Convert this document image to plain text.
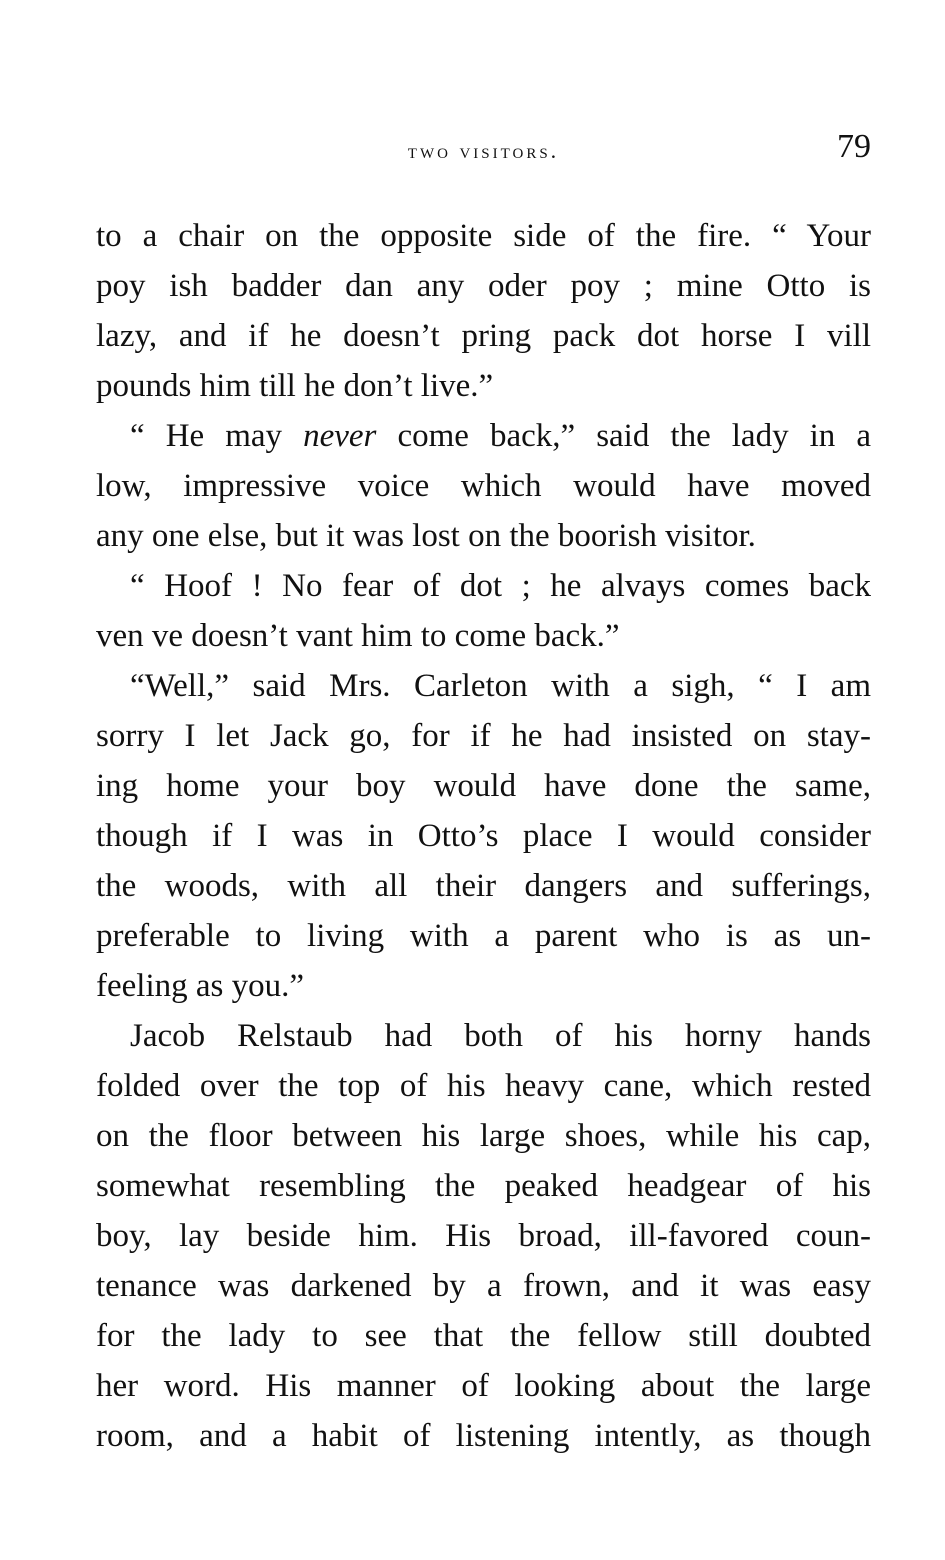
two visitors.	79
to a chair on the opposite side of the fire. “ Your
poy ish badder dan any oder poy ; mine Otto is
lazy, and if he doesn’t pring pack dot horse I vill
pounds him till he don’t live.”
“ He may never come back,” said the lady in a
low, impressive voice which would have moved
any one else, but it was lost on the boorish visitor.
“ Hoof ! No fear of dot ; he alvays comes back
ven ve doesn’t vant him to come back.”
“Well,” said Mrs. Carleton with a sigh, “ I am
sorry I let Jack go, for if he had insisted on stay-
ing home your boy would have done the same,
though if I was in Otto’s place I would consider
the woods, with all their dangers and sufferings,
preferable to living with a parent who is as un-
feeling as you.”
Jacob Relstaub had both of his horny hands
folded over the top of his heavy cane, which rested
on the floor between his large shoes, while his cap,
somewhat resembling the peaked headgear of his
boy, lay beside him. His broad, ill-favored coun-
tenance was darkened by a frown, and it was easy
for the lady to see that the fellow still doubted
her word. His manner of looking about the large
room, and a habit of listening intently, as though
